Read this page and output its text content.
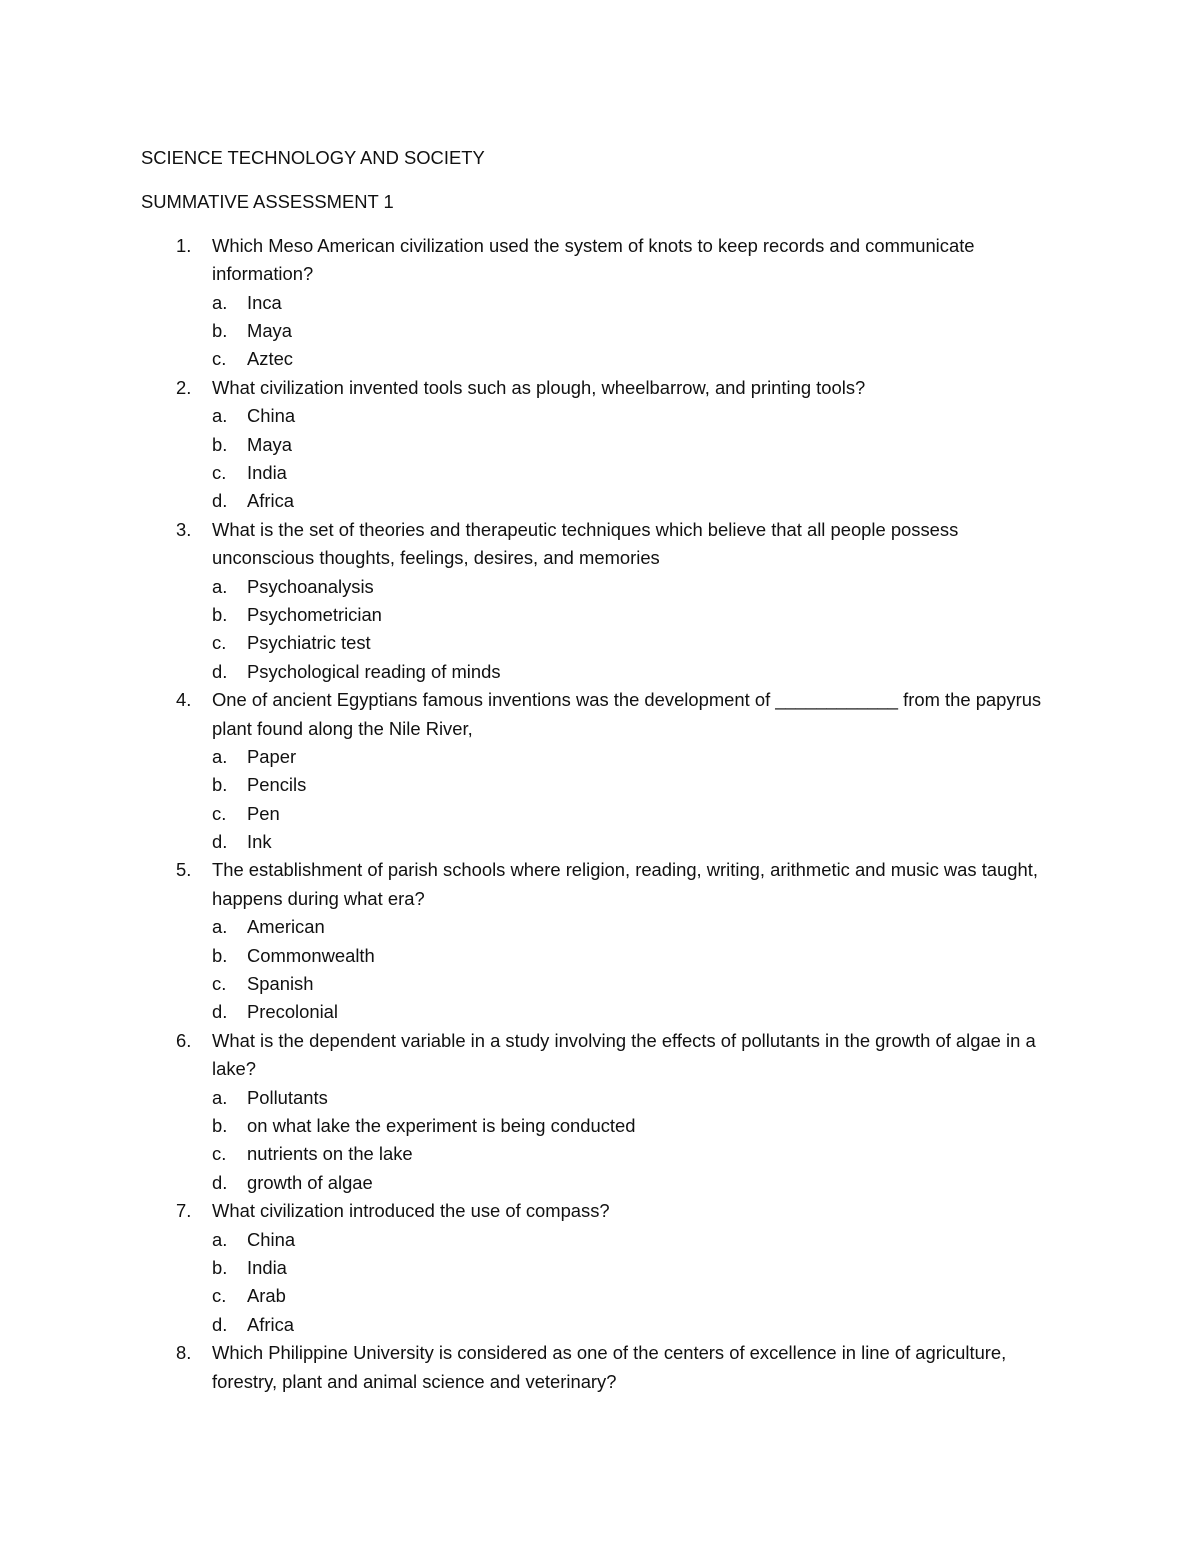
SCIENCE TECHNOLOGY AND SOCIETY
SUMMATIVE ASSESSMENT 1
1.	Which Meso American civilization used the system of knots to keep records and communicate information?
a.	Inca
b.	Maya
c.	Aztec
2.	What civilization invented tools such as plough, wheelbarrow, and printing tools?
a.	China
b.	Maya
c.	India
d.	Africa
3.	What is the set of theories and therapeutic techniques which believe that all people possess unconscious thoughts, feelings, desires, and memories
a.	Psychoanalysis
b.	Psychometrician
c.	Psychiatric test
d.	Psychological reading of minds
4.	One of ancient Egyptians famous inventions was the development of ____________ from the papyrus plant found along the Nile River,
a.	Paper
b.	Pencils
c.	Pen
d.	Ink
5.	The establishment of parish schools where religion, reading, writing, arithmetic and music was taught, happens during what era?
a.	American
b.	Commonwealth
c.	Spanish
d.	Precolonial
6.	What is the dependent variable in a study involving the effects of pollutants in the growth of algae in a lake?
a.	Pollutants
b.	on what lake the experiment is being conducted
c.	nutrients on the lake
d.	growth of algae
7.	What civilization introduced the use of compass?
a.	China
b.	India
c.	Arab
d.	Africa
8.	Which Philippine University is considered as one of the centers of excellence in line of agriculture, forestry, plant and animal science and veterinary?
